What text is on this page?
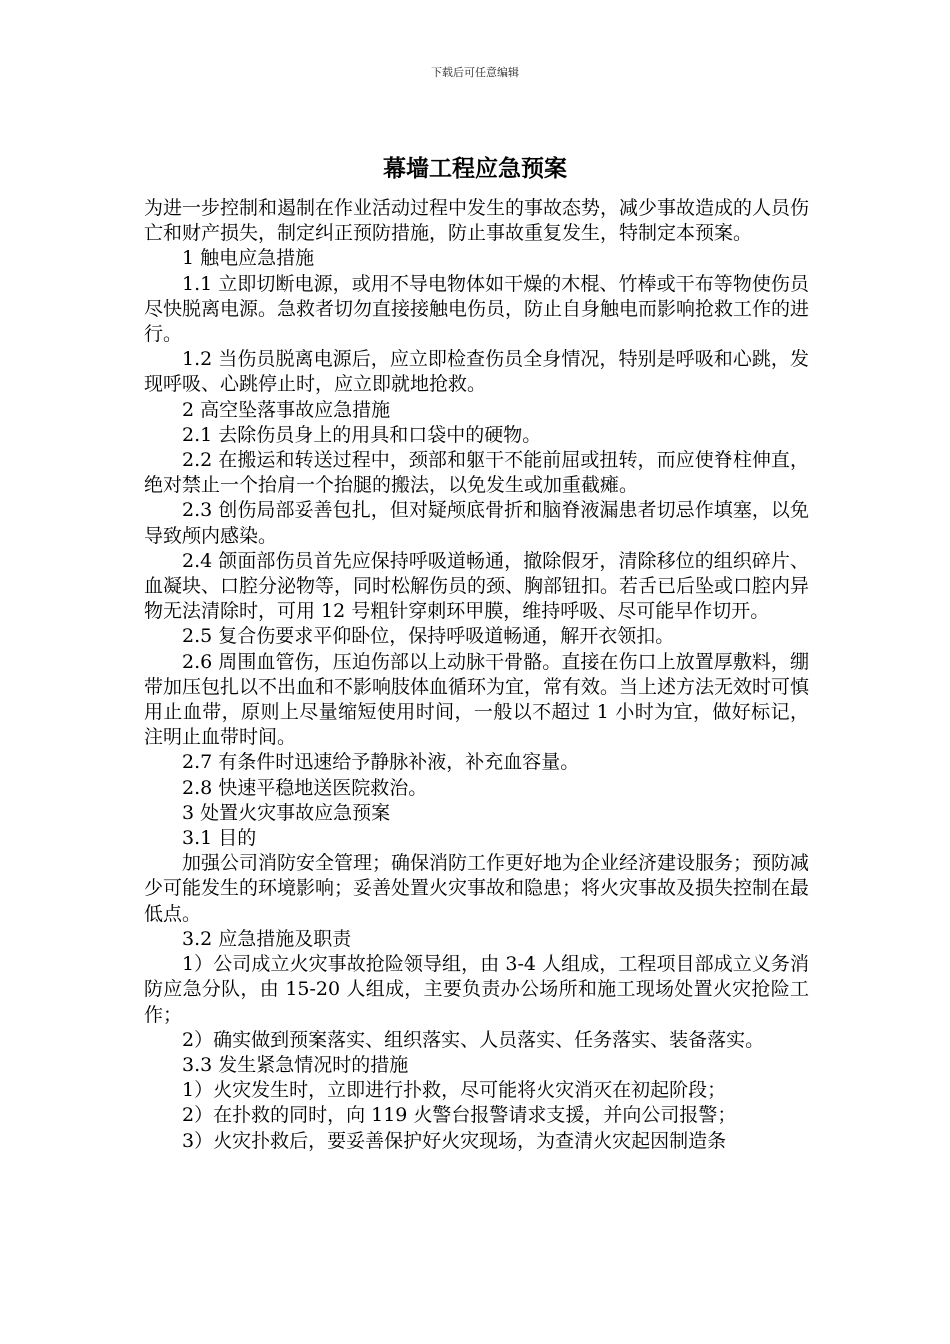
下载后可任意编辑
幕墙工程应急预案

为进一步控制和遏制在作业活动过程中发生的事故态势，减少事故造成的人员伤亡和财产损失，制定纠正预防措施，防止事故重复发生，特制定本预案。

1 触电应急措施

1.1 立即切断电源，或用不导电物体如干燥的木棍、竹棒或干布等物使伤员尽快脱离电源。急救者切勿直接接触电伤员，防止自身触电而影响抢救工作的进行。

1.2 当伤员脱离电源后，应立即检查伤员全身情况，特别是呼吸和心跳，发现呼吸、心跳停止时，应立即就地抢救。

2 高空坠落事故应急措施

2.1 去除伤员身上的用具和口袋中的硬物。

2.2 在搬运和转送过程中，颈部和躯干不能前屈或扭转，而应使脊柱伸直，绝对禁止一个抬肩一个抬腿的搬法，以免发生或加重截瘫。

2.3 创伤局部妥善包扎，但对疑颅底骨折和脑脊液漏患者切忌作填塞，以免导致颅内感染。

2.4 颌面部伤员首先应保持呼吸道畅通，撤除假牙，清除移位的组织碎片、血凝块、口腔分泌物等，同时松解伤员的颈、胸部钮扣。若舌已后坠或口腔内异物无法清除时，可用 12 号粗针穿刺环甲膜，维持呼吸、尽可能早作切开。

2.5 复合伤要求平仰卧位，保持呼吸道畅通，解开衣领扣。

2.6 周围血管伤，压迫伤部以上动脉干骨骼。直接在伤口上放置厚敷料，绷带加压包扎以不出血和不影响肢体血循环为宜，常有效。当上述方法无效时可慎用止血带，原则上尽量缩短使用时间，一般以不超过 1 小时为宜，做好标记，注明止血带时间。

2.7 有条件时迅速给予静脉补液，补充血容量。

2.8 快速平稳地送医院救治。

3 处置火灾事故应急预案

3.1 目的

加强公司消防安全管理；确保消防工作更好地为企业经济建设服务；预防减少可能发生的环境影响；妥善处置火灾事故和隐患；将火灾事故及损失控制在最低点。

3.2 应急措施及职责

1）公司成立火灾事故抢险领导组，由 3-4 人组成，工程项目部成立义务消防应急分队，由 15-20 人组成，主要负责办公场所和施工现场处置火灾抢险工作；

2）确实做到预案落实、组织落实、人员落实、任务落实、装备落实。

3.3 发生紧急情况时的措施

1）火灾发生时，立即进行扑救，尽可能将火灾消灭在初起阶段；

2）在扑救的同时，向 119 火警台报警请求支援，并向公司报警；

3）火灾扑救后，要妥善保护好火灾现场，为查清火灾起因制造条
